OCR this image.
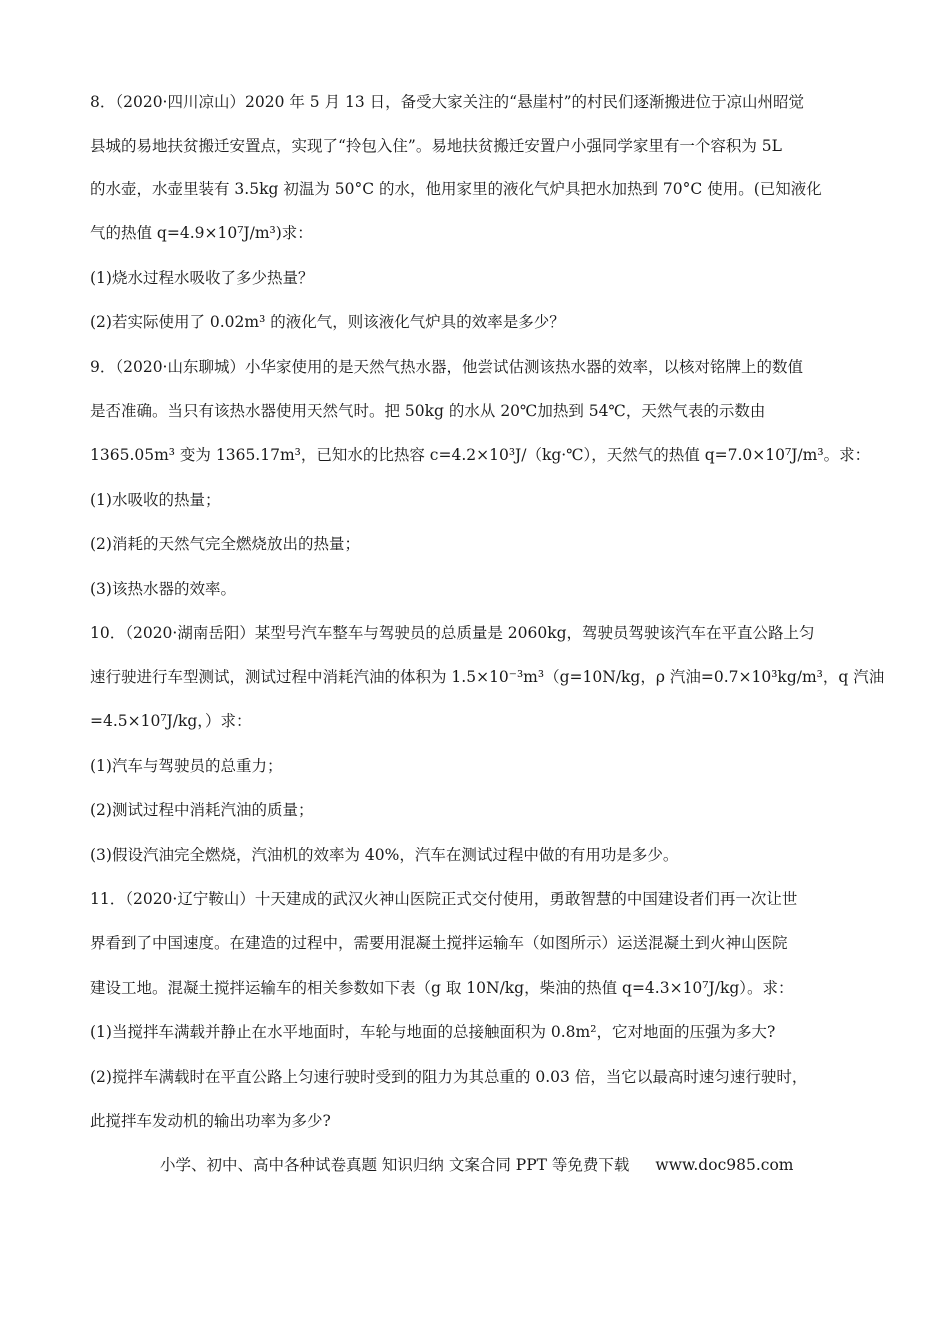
8．（2020·四川凉山）2020 年 5 月 13 日，备受大家关注的“悬崖村”的村民们逐渐搬进位于凉山州昭觉
县城的易地扶贫搬迁安置点，实现了“拎包入住”。易地扶贫搬迁安置户小强同学家里有一个容积为 5L
的水壶，水壶里装有 3.5kg 初温为 50°C 的水，他用家里的液化气炉具把水加热到 70°C 使用。(已知液化
气的热值 q=4.9×10⁷J/m³)求：
(1)烧水过程水吸收了多少热量？
(2)若实际使用了 0.02m³ 的液化气，则该液化气炉具的效率是多少？
9．（2020·山东聊城）小华家使用的是天然气热水器，他尝试估测该热水器的效率，以核对铭牌上的数值
是否准确。当只有该热水器使用天然气时。把 50kg 的水从 20℃加热到 54℃，天然气表的示数由
1365.05m³ 变为 1365.17m³，已知水的比热容 c=4.2×10³J/（kg·℃），天然气的热值 q=7.0×10⁷J/m³。求：
(1)水吸收的热量；
(2)消耗的天然气完全燃烧放出的热量；
(3)该热水器的效率。
10．（2020·湖南岳阳）某型号汽车整车与驾驶员的总质量是 2060kg，驾驶员驾驶该汽车在平直公路上匀
速行驶进行车型测试，测试过程中消耗汽油的体积为 1.5×10⁻³m³（g=10N/kg，ρ 汽油=0.7×10³kg/m³，q 汽油
=4.5×10⁷J/kg，）求：
(1)汽车与驾驶员的总重力；
(2)测试过程中消耗汽油的质量；
(3)假设汽油完全燃烧，汽油机的效率为 40%，汽车在测试过程中做的有用功是多少。
11．（2020·辽宁鞍山）十天建成的武汉火神山医院正式交付使用，勇敢智慧的中国建设者们再一次让世
界看到了中国速度。在建造的过程中，需要用混凝土搅拌运输车（如图所示）运送混凝土到火神山医院
建设工地。混凝土搅拌运输车的相关参数如下表（g 取 10N/kg，柴油的热值 q=4.3×10⁷J/kg）。求：
(1)当搅拌车满载并静止在水平地面时，车轮与地面的总接触面积为 0.8m²，它对地面的压强为多大?
(2)搅拌车满载时在平直公路上匀速行驶时受到的阻力为其总重的 0.03 倍，当它以最高时速匀速行驶时，
此搅拌车发动机的输出功率为多少?
小学、初中、高中各种试卷真题 知识归纳 文案合同 PPT 等免费下载 www.doc985.com
